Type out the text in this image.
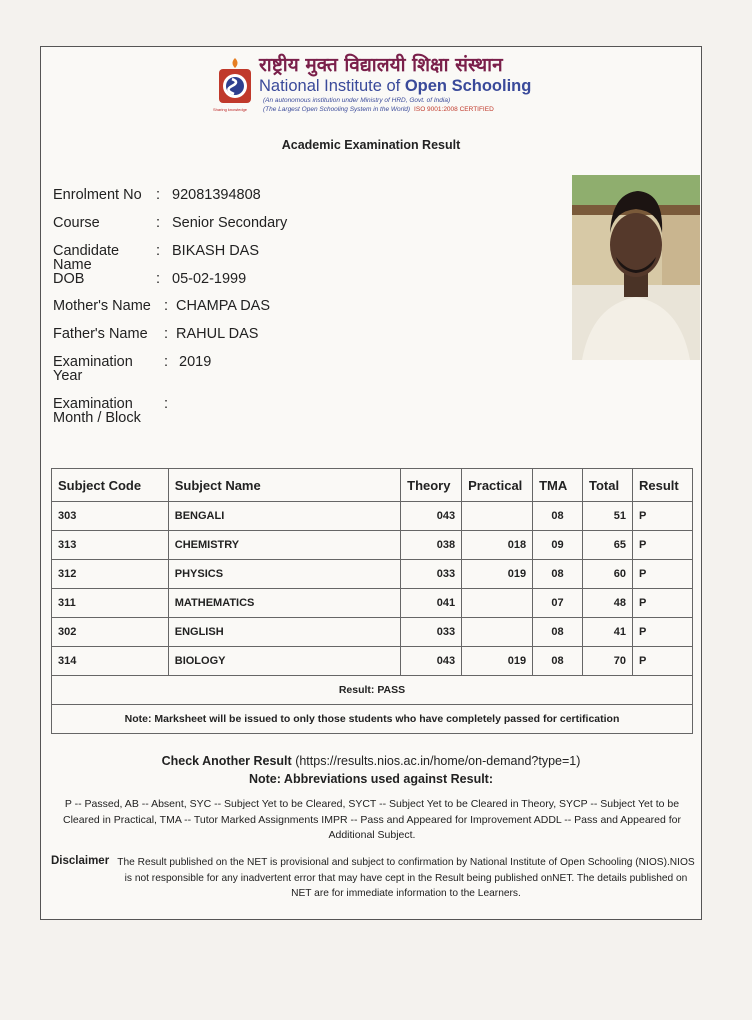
Sharing knowledge
राष्ट्रीय मुक्त विद्यालयी शिक्षा संस्थान
National Institute of Open Schooling
(An autonomous institution under Ministry of HRD, Govt. of India)
(The Largest Open Schooling System in the World) ISO 9001:2008 CERTIFIED
Academic Examination Result
Enrolment No : 92081394808
Course	: Senior Secondary
Candidate Name
: BIKASH DAS
DOB	: 05-02-1999
Mother's Name : CHAMPA DAS
Father's Name	: RAHUL DAS
Examination Year
: 2019
Examination Month / Block
:
Subject Code	Subject Name	Theory	Practical	TMA	Total	Result
303	BENGALI	043		08	51	P
313	CHEMISTRY	038	018	09	65	P
312	PHYSICS	033	019	08	60	P
311	MATHEMATICS	041		07	48	P
302	ENGLISH	033		08	41	P
314	BIOLOGY	043	019	08	70	P
Result: PASS						
Note: Marksheet will be issued to only those students who have completely passed for certification						
Check Another Result (https://results.nios.ac.in/home/on-demand?type=1)
Note: Abbreviations used against Result:
P -- Passed, AB -- Absent, SYC -- Subject Yet to be Cleared, SYCT -- Subject Yet to be Cleared in Theory, SYCP -- Subject Yet to be Cleared in Practical, TMA -- Tutor Marked Assignments IMPR -- Pass and Appeared for Improvement ADDL -- Pass and Appeared for Additional Subject.
Disclaimer The Result published on the NET is provisional and subject to confirmation by National Institute of Open Schooling (NIOS).NIOS is not responsible for any inadvertent error that may have cept in the Result being published onNET. The details published on NET are for immediate information to the Learners.
